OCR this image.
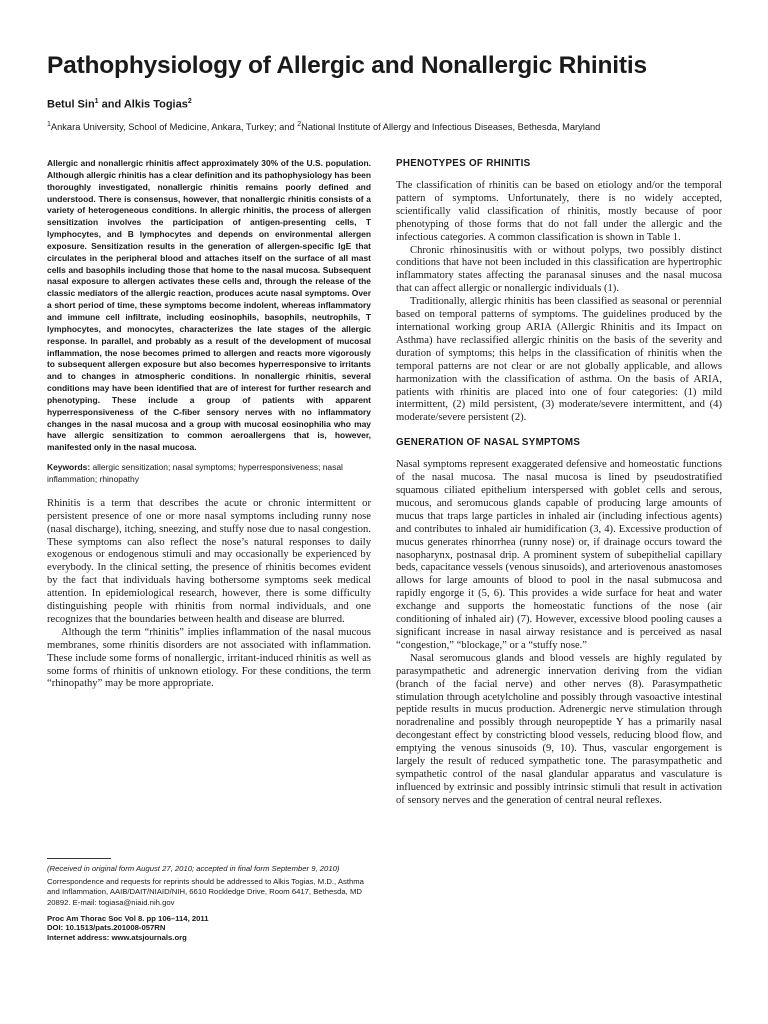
Pathophysiology of Allergic and Nonallergic Rhinitis
Betul Sin$^1$ and Alkis Togias$^2$
$^1$Ankara University, School of Medicine, Ankara, Turkey; and $^2$National Institute of Allergy and Infectious Diseases, Bethesda, Maryland

Allergic and nonallergic rhinitis affect approximately 30% of the U.S. population. Although allergic rhinitis has a clear definition and its pathophysiology has been thoroughly investigated, nonallergic rhinitis remains poorly defined and understood. There is consensus, however, that nonallergic rhinitis consists of a variety of heterogeneous conditions. In allergic rhinitis, the process of allergen sensitization involves the participation of antigen-presenting cells, T lymphocytes, and B lymphocytes and depends on environmental allergen exposure. Sensitization results in the generation of allergen-specific IgE that circulates in the peripheral blood and attaches itself on the surface of all mast cells and basophils including those that home to the nasal mucosa. Subsequent nasal exposure to allergen activates these cells and, through the release of the classic mediators of the allergic reaction, produces acute nasal symptoms. Over a short period of time, these symptoms become indolent, whereas inflammatory and immune cell infiltrate, including eosinophils, basophils, neutrophils, T lymphocytes, and monocytes, characterizes the late stages of the allergic response. In parallel, and probably as a result of the development of mucosal inflammation, the nose becomes primed to allergen and reacts more vigorously to subsequent allergen exposure but also becomes hyperresponsive to irritants and to changes in atmospheric conditions. In nonallergic rhinitis, several conditions may have been identified that are of interest for further research and phenotyping. These include a group of patients with apparent hyperresponsiveness of the C-fiber sensory nerves with no inflammatory changes in the nasal mucosa and a group with mucosal eosinophilia who may have allergic sensitization to common aeroallergens that is, however, manifested only in the nasal mucosa.

Keywords: allergic sensitization; nasal symptoms; hyperresponsiveness; nasal inflammation; rhinopathy

Rhinitis is a term that describes the acute or chronic intermittent or persistent presence of one or more nasal symptoms including runny nose (nasal discharge), itching, sneezing, and stuffy nose due to nasal congestion. These symptoms can also reflect the nose’s natural responses to daily exogenous or endogenous stimuli and may occasionally be experienced by everybody. In the clinical setting, the presence of rhinitis becomes evident by the fact that individuals having bothersome symptoms seek medical attention. In epidemiological research, however, there is some difficulty distinguishing people with rhinitis from normal individuals, and one recognizes that the boundaries between health and disease are blurred.

Although the term “rhinitis” implies inflammation of the nasal mucous membranes, some rhinitis disorders are not associated with inflammation. These include some forms of nonallergic, irritant-induced rhinitis as well as some forms of rhinitis of unknown etiology. For these conditions, the term “rhinopathy” may be more appropriate.

(Received in original form August 27, 2010; accepted in final form September 9, 2010)

Correspondence and requests for reprints should be addressed to Alkis Togias, M.D., Asthma and Inflammation, AAIB/DAIT/NIAID/NIH, 6610 Rockledge Drive, Room 6417, Bethesda, MD 20892. E-mail: togiasa@niaid.nih.gov

Proc Am Thorac Soc Vol 8. pp 106–114, 2011
DOI: 10.1513/pats.201008-057RN
Internet address: www.atsjournals.org
PHENOTYPES OF RHINITIS

The classification of rhinitis can be based on etiology and/or the temporal pattern of symptoms. Unfortunately, there is no widely accepted, scientifically valid classification of rhinitis, mostly because of poor phenotyping of those forms that do not fall under the allergic and the infectious categories. A common classification is shown in Table 1.

Chronic rhinosinusitis with or without polyps, two possibly distinct conditions that have not been included in this classification are hypertrophic inflammatory states affecting the paranasal sinuses and the nasal mucosa that can affect allergic or nonallergic individuals (1).

Traditionally, allergic rhinitis has been classified as seasonal or perennial based on temporal patterns of symptoms. The guidelines produced by the international working group ARIA (Allergic Rhinitis and its Impact on Asthma) have reclassified allergic rhinitis on the basis of the severity and duration of symptoms; this helps in the classification of rhinitis when the temporal patterns are not clear or are not globally applicable, and allows harmonization with the classification of asthma. On the basis of ARIA, patients with rhinitis are placed into one of four categories: (1) mild intermittent, (2) mild persistent, (3) moderate/severe intermittent, and (4) moderate/severe persistent (2).

GENERATION OF NASAL SYMPTOMS

Nasal symptoms represent exaggerated defensive and homeostatic functions of the nasal mucosa. The nasal mucosa is lined by pseudostratified squamous ciliated epithelium interspersed with goblet cells and serous, mucous, and seromucous glands capable of producing large amounts of mucus that traps large particles in inhaled air (including infectious agents) and contributes to inhaled air humidification (3, 4). Excessive production of mucus generates rhinorrhea (runny nose) or, if drainage occurs toward the nasopharynx, postnasal drip. A prominent system of subepithelial capillary beds, capacitance vessels (venous sinusoids), and arteriovenous anastomoses allows for large amounts of blood to pool in the nasal submucosa and rapidly engorge it (5, 6). This provides a wide surface for heat and water exchange and supports the homeostatic functions of the nose (air conditioning of inhaled air) (7). However, excessive blood pooling causes a significant increase in nasal airway resistance and is perceived as nasal “congestion,” “blockage,” or a “stuffy nose.”

Nasal seromucous glands and blood vessels are highly regulated by parasympathetic and adrenergic innervation deriving from the vidian (branch of the facial nerve) and other nerves (8). Parasympathetic stimulation through acetylcholine and possibly through vasoactive intestinal peptide results in mucus production. Adrenergic nerve stimulation through noradrenaline and possibly through neuropeptide Y has a primarily nasal decongestant effect by constricting blood vessels, reducing blood flow, and emptying the venous sinusoids (9, 10). Thus, vascular engorgement is largely the result of reduced sympathetic tone. The parasympathetic and sympathetic control of the nasal glandular apparatus and vasculature is influenced by extrinsic and possibly intrinsic stimuli that result in activation of sensory nerves and the generation of central neural reflexes.
